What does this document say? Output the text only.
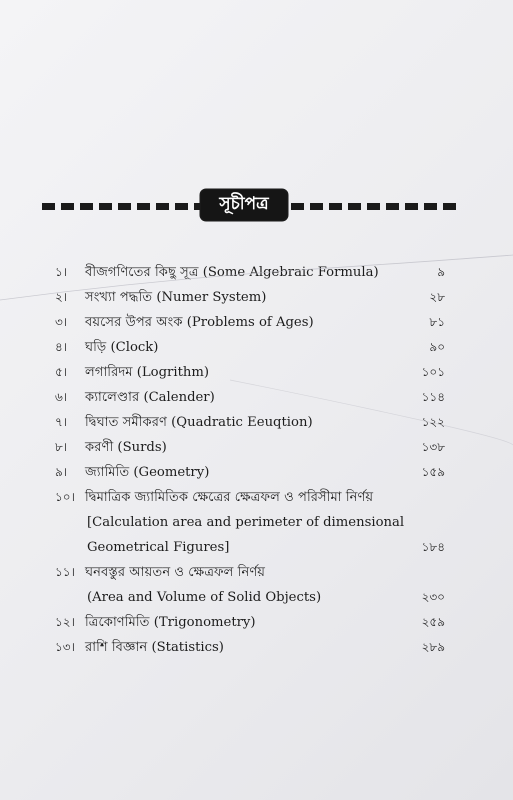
সূচীপত্র
১। বীজগণিতের কিছু সূত্র (Some Algebraic Formula)	৯
২। সংখ্যা পদ্ধতি (Numer System)	২৮
৩। বয়সের উপর অংক (Problems of Ages)	৮১
৪। ঘড়ি (Clock)	৯০
৫। লগারিদম (Logrithm)	১০১
৬। ক্যালেণ্ডার (Calender)	১১৪
৭। দ্বিঘাত সমীকরণ (Quadratic Eeuqtion)	১২২
৮। করণী (Surds)	১৩৮
৯। জ্যামিতি (Geometry)	১৫৯
১০। দ্বিমাত্রিক জ্যামিতিক ক্ষেত্রের ক্ষেত্রফল ও পরিসীমা নির্ণয়
[Calculation area and perimeter of dimensional
Geometrical Figures]	১৮৪
১১। ঘনবস্তুর আয়তন ও ক্ষেত্রফল নির্ণয়
(Area and Volume of Solid Objects)	২৩০
১২। ত্রিকোণমিতি (Trigonometry)	২৫৯
১৩। রাশি বিজ্ঞান (Statistics)	২৮৯
